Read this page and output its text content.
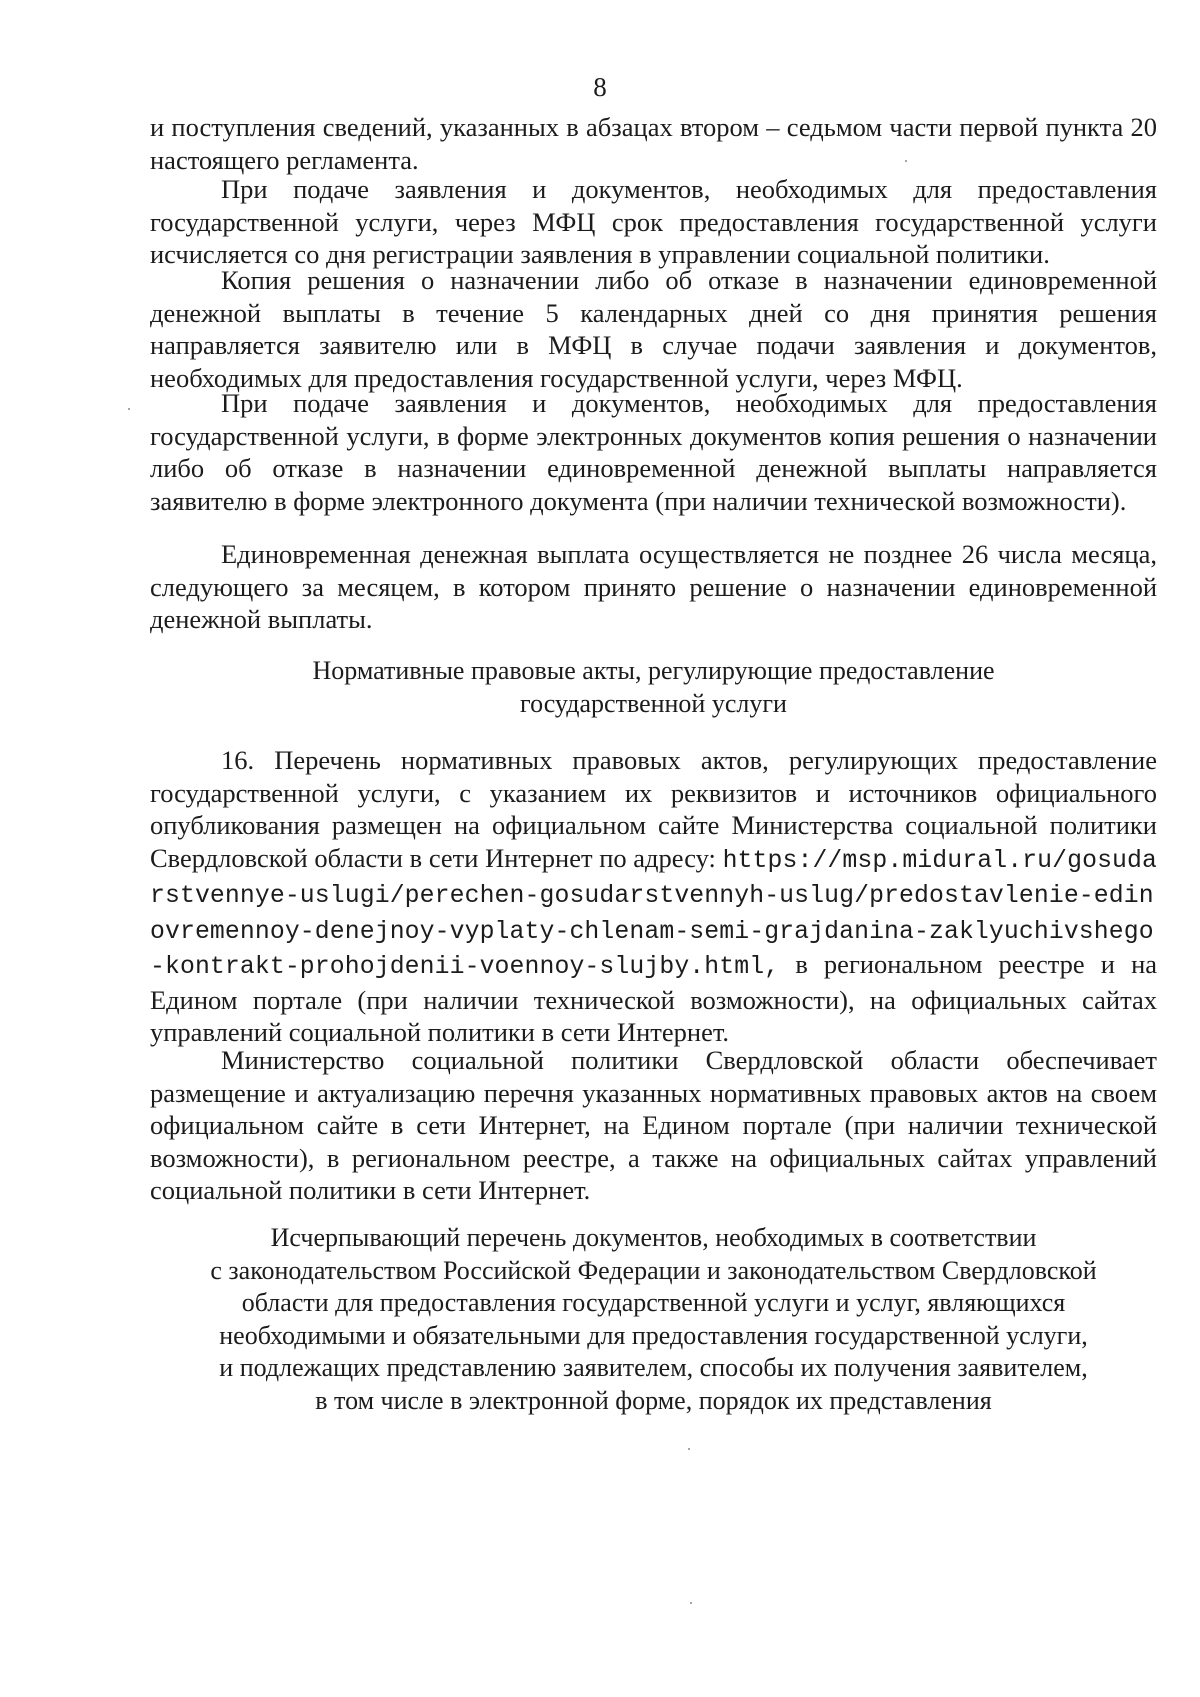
8

и поступления сведений, указанных в абзацах втором – седьмом части первой пункта 20 настоящего регламента.

При подаче заявления и документов, необходимых для предоставления государственной услуги, через МФЦ срок предоставления государственной услуги исчисляется со дня регистрации заявления в управлении социальной политики.

Копия решения о назначении либо об отказе в назначении единовременной денежной выплаты в течение 5 календарных дней со дня принятия решения направляется заявителю или в МФЦ в случае подачи заявления и документов, необходимых для предоставления государственной услуги, через МФЦ.

При подаче заявления и документов, необходимых для предоставления государственной услуги, в форме электронных документов копия решения о назначении либо об отказе в назначении единовременной денежной выплаты направляется заявителю в форме электронного документа (при наличии технической возможности).

Единовременная денежная выплата осуществляется не позднее 26 числа месяца, следующего за месяцем, в котором принято решение о назначении единовременной денежной выплаты.

Нормативные правовые акты, регулирующие предоставление
государственной услуги
16. Перечень нормативных правовых актов, регулирующих предоставление государственной услуги, с указанием их реквизитов и источников официального опубликования размещен на официальном сайте Министерства социальной политики Свердловской области в сети Интернет по адресу: https://msp.midural.ru/gosudarstvennye-uslugi/perechen-gosudarstvennyh-uslug/predostavlenie-edinovremennoy-denejnoy-vyplaty-chlenam-semi-grajdanina-zaklyuchivshego-kontrakt-prohojdenii-voennoy-slujby.html, в региональном реестре и на Едином портале (при наличии технической возможности), на официальных сайтах управлений социальной политики в сети Интернет.

Министерство социальной политики Свердловской области обеспечивает размещение и актуализацию перечня указанных нормативных правовых актов на своем официальном сайте в сети Интернет, на Едином портале (при наличии технической возможности), в региональном реестре, а также на официальных сайтах управлений социальной политики в сети Интернет.

Исчерпывающий перечень документов, необходимых в соответствии
с законодательством Российской Федерации и законодательством Свердловской
области для предоставления государственной услуги и услуг, являющихся
необходимыми и обязательными для предоставления государственной услуги,
и подлежащих представлению заявителем, способы их получения заявителем,
в том числе в электронной форме, порядок их представления
